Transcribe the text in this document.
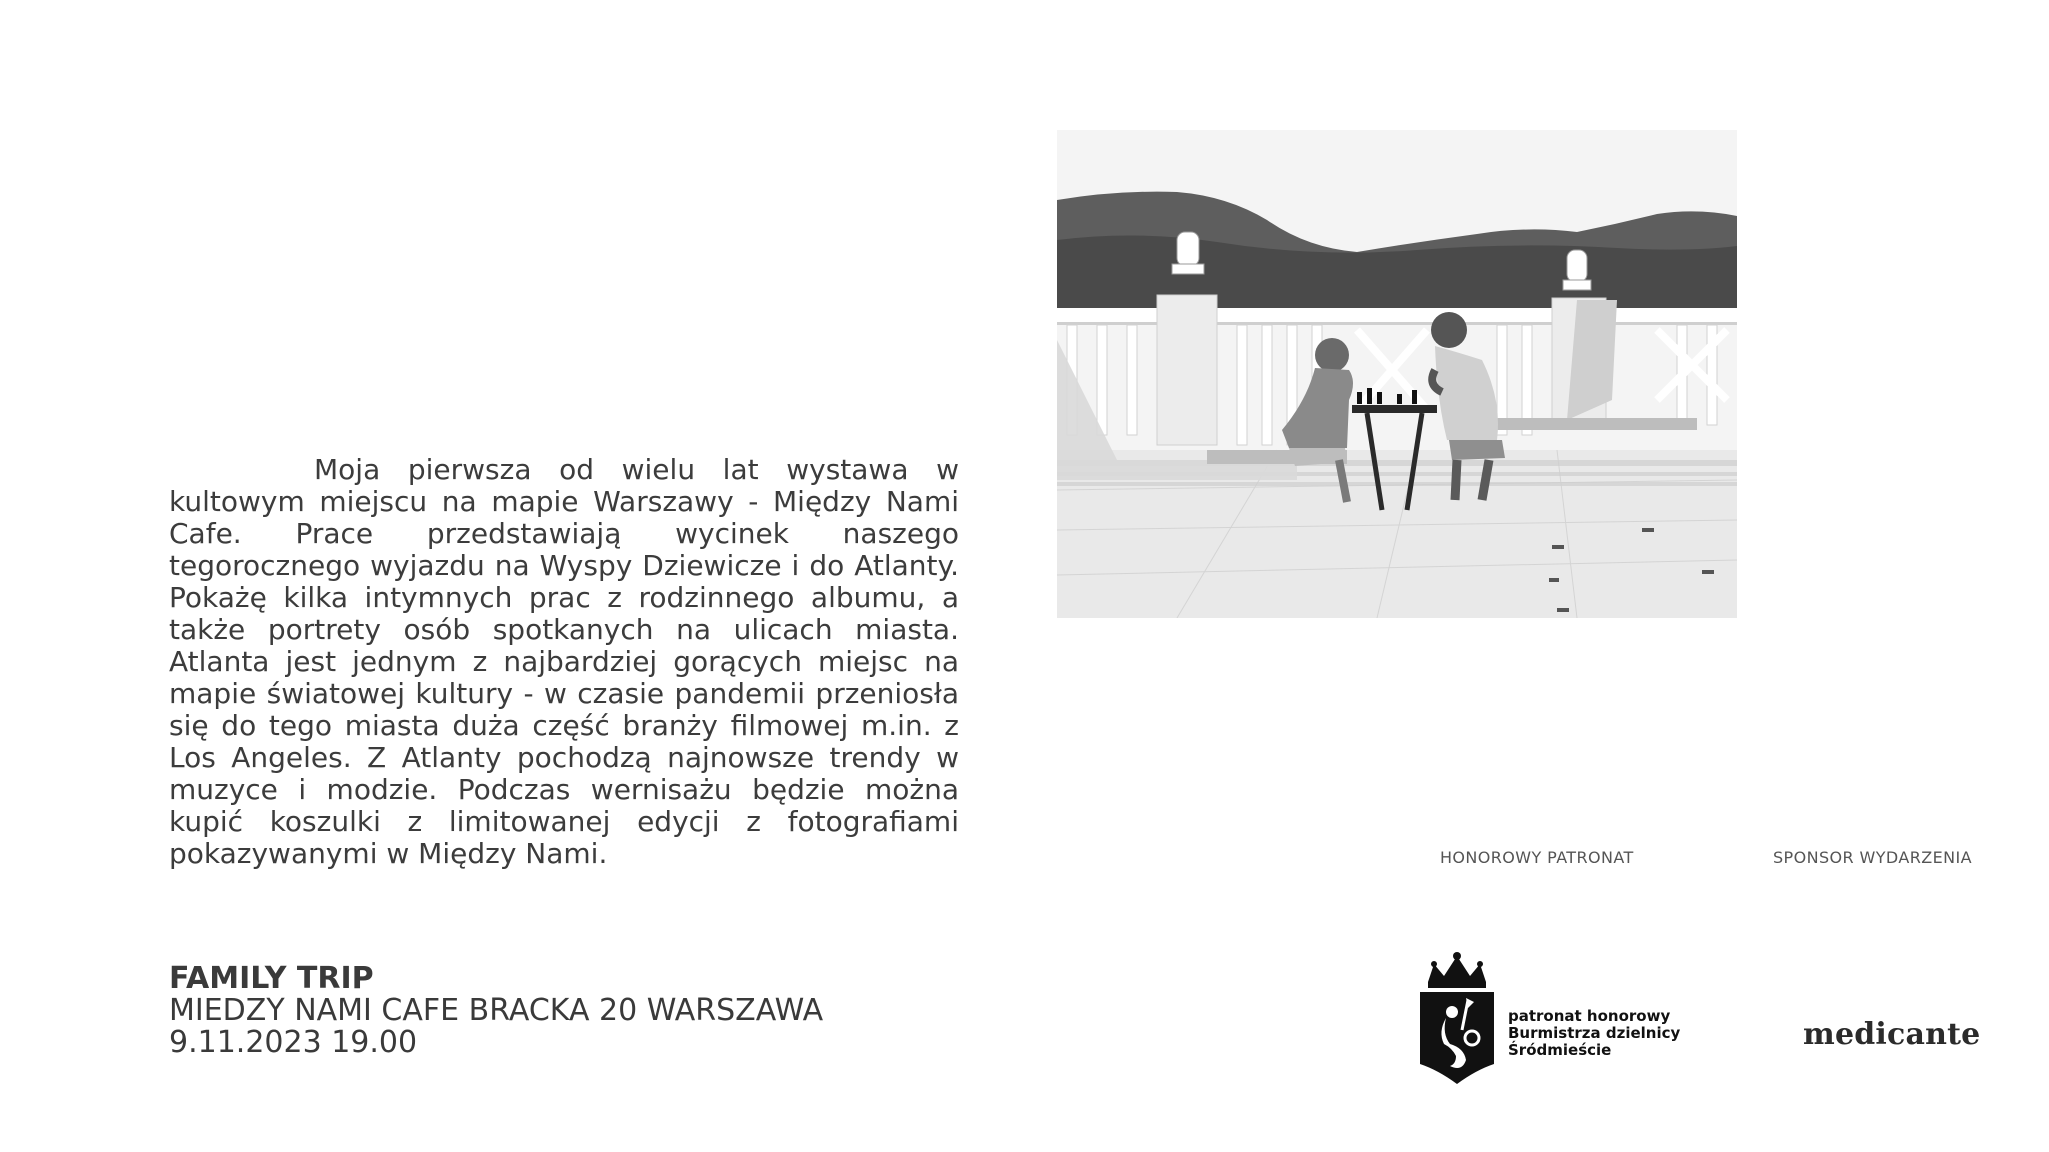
Moja pierwsza od wielu lat wystawa w kultowym miejscu na mapie Warszawy - Między Nami Cafe. Prace przedstawiają wycinek naszego tegorocznego wyjazdu na Wyspy Dziewicze i do Atlanty. Pokażę kilka intymnych prac z rodzinnego albumu, a także portrety osób spotkanych na ulicach miasta. Atlanta jest jednym z najbardziej gorących miejsc na mapie światowej kultury - w czasie pandemii przeniosła się do tego miasta duża część branży filmowej m.in. z Los Angeles. Z Atlanty pochodzą najnowsze trendy w muzyce i modzie. Podczas wernisażu będzie można kupić koszulki z limitowanej edycji z fotografiami pokazywanymi w Między Nami.

FAMILY TRIP

MIEDZY NAMI CAFE BRACKA 20 WARSZAWA

9.11.2023 19.00

HONOROWY PATRONAT	SPONSOR WYDARZENIA

patronat honorowy
Burmistrza dzielnicy
Śródmieście	medicante
